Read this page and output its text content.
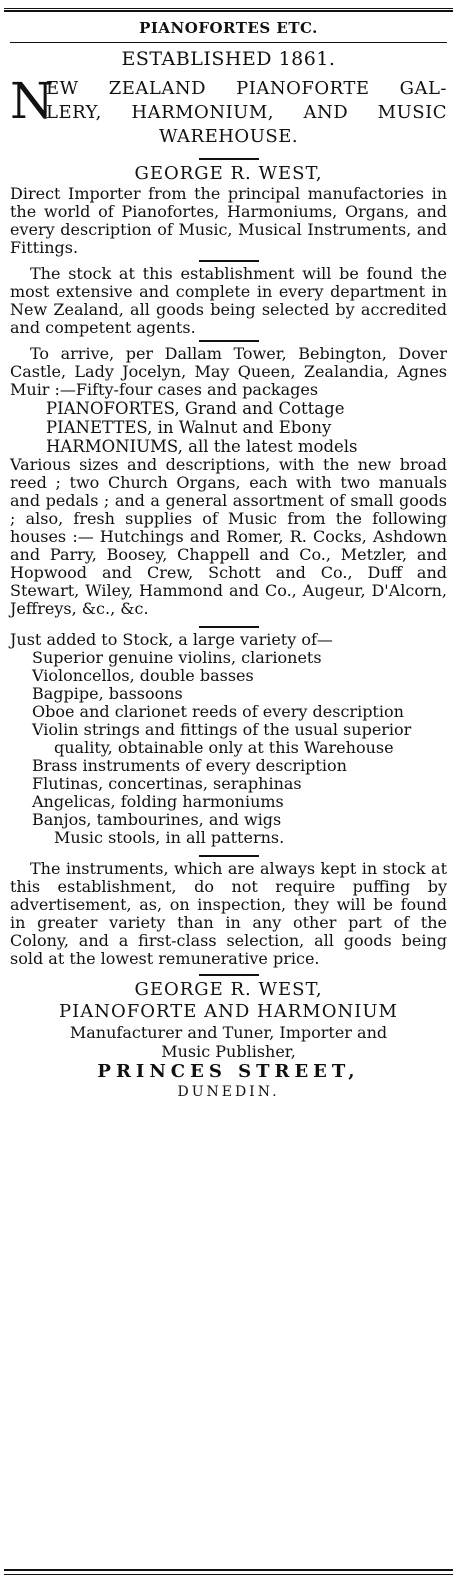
PIANOFORTES ETC.
ESTABLISHED 1861.
N
EW ZEALAND PIANOFORTE GAL-
LERY, HARMONIUM, AND MUSIC
WAREHOUSE.
GEORGE R. WEST,

Direct Importer from the principal manufactories in the world of Pianofortes, Harmoniums, Organs, and every description of Music, Musical Instruments, and Fittings.

The stock at this establishment will be found the most extensive and complete in every department in New Zealand, all goods being selected by accredited and competent agents.

To arrive, per Dallam Tower, Bebington, Dover Castle, Lady Jocelyn, May Queen, Zealandia, Agnes Muir :—Fifty-four cases and packages

PIANOFORTES, Grand and Cottage
PIANETTES, in Walnut and Ebony
HARMONIUMS, all the latest models

Various sizes and descriptions, with the new broad reed ; two Church Organs, each with two manuals and pedals ; and a general assortment of small goods ; also, fresh supplies of Music from the following houses :— Hutchings and Romer, R. Cocks, Ashdown and Parry, Boosey, Chappell and Co., Metzler, and Hopwood and Crew, Schott and Co., Duff and Stewart, Wiley, Hammond and Co., Augeur, D'Alcorn, Jeffreys, &c., &c.

Just added to Stock, a large variety of—

Superior genuine violins, clarionets
Violoncellos, double basses
Bagpipe, bassoons
Oboe and clarionet reeds of every description
Violin strings and fittings of the usual superior quality, obtainable only at this Warehouse
Brass instruments of every description
Flutinas, concertinas, seraphinas
Angelicas, folding harmoniums
Banjos, tambourines, and wigs
Music stools, in all patterns.

The instruments, which are always kept in stock at this establishment, do not require puffing by advertisement, as, on inspection, they will be found in greater variety than in any other part of the Colony, and a first-class selection, all goods being sold at the lowest remunerative price.

GEORGE R. WEST,
PIANOFORTE AND HARMONIUM
Manufacturer and Tuner, Importer and
Music Publisher,
PRINCES STREET,
DUNEDIN.
